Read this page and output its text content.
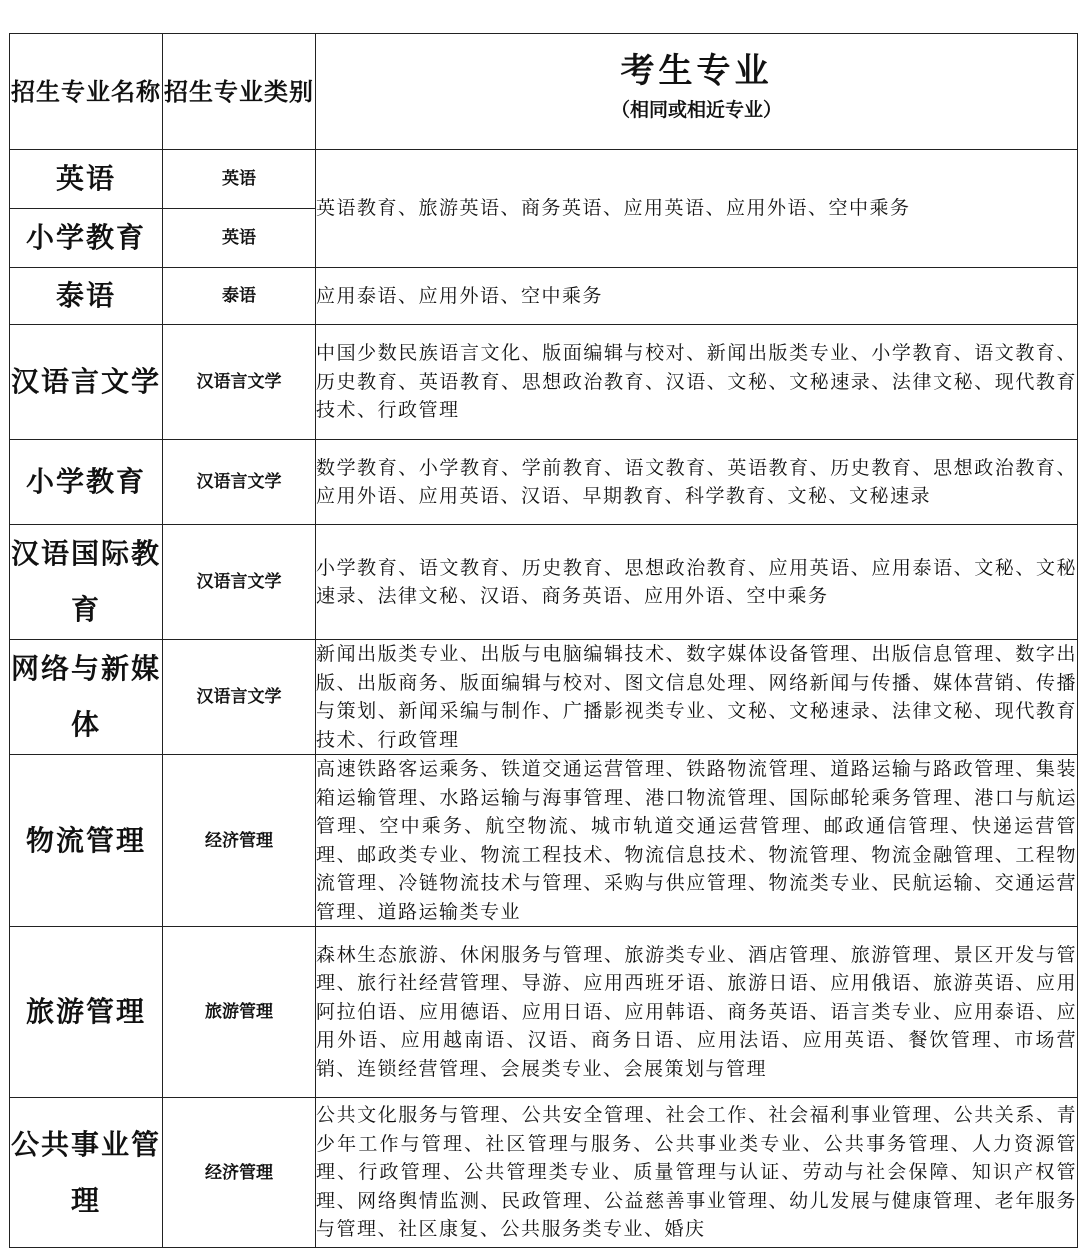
招生专业名称	招生专业类别	考生专业
（相同或相近专业）

英语	英语	英语教育、旅游英语、商务英语、应用英语、应用外语、空中乘务
小学教育	英语	
泰语	泰语	应用泰语、应用外语、空中乘务
汉语言文学	汉语言文学	中国少数民族语言文化、版面编辑与校对、新闻出版类专业、小学教育、语文教育、历史教育、英语教育、思想政治教育、汉语、文秘、文秘速录、法律文秘、现代教育技术、行政管理
小学教育	汉语言文学	数学教育、小学教育、学前教育、语文教育、英语教育、历史教育、思想政治教育、应用外语、应用英语、汉语、早期教育、科学教育、文秘、文秘速录
汉语国际教育	汉语言文学	小学教育、语文教育、历史教育、思想政治教育、应用英语、应用泰语、文秘、文秘速录、法律文秘、汉语、商务英语、应用外语、空中乘务
网络与新媒体	汉语言文学	新闻出版类专业、出版与电脑编辑技术、数字媒体设备管理、出版信息管理、数字出版、出版商务、版面编辑与校对、图文信息处理、网络新闻与传播、媒体营销、传播与策划、新闻采编与制作、广播影视类专业、文秘、文秘速录、法律文秘、现代教育技术、行政管理
物流管理	经济管理	高速铁路客运乘务、铁道交通运营管理、铁路物流管理、道路运输与路政管理、集装箱运输管理、水路运输与海事管理、港口物流管理、国际邮轮乘务管理、港口与航运管理、空中乘务、航空物流、城市轨道交通运营管理、邮政通信管理、快递运营管理、邮政类专业、物流工程技术、物流信息技术、物流管理、物流金融管理、工程物流管理、冷链物流技术与管理、采购与供应管理、物流类专业、民航运输、交通运营管理、道路运输类专业
旅游管理	旅游管理	森林生态旅游、休闲服务与管理、旅游类专业、酒店管理、旅游管理、景区开发与管理、旅行社经营管理、导游、应用西班牙语、旅游日语、应用俄语、旅游英语、应用阿拉伯语、应用德语、应用日语、应用韩语、商务英语、语言类专业、应用泰语、应用外语、应用越南语、汉语、商务日语、应用法语、应用英语、餐饮管理、市场营销、连锁经营管理、会展类专业、会展策划与管理
公共事业管理	经济管理	公共文化服务与管理、公共安全管理、社会工作、社会福利事业管理、公共关系、青少年工作与管理、社区管理与服务、公共事业类专业、公共事务管理、人力资源管理、行政管理、公共管理类专业、质量管理与认证、劳动与社会保障、知识产权管理、网络舆情监测、民政管理、公益慈善事业管理、幼儿发展与健康管理、老年服务与管理、社区康复、公共服务类专业、婚庆
